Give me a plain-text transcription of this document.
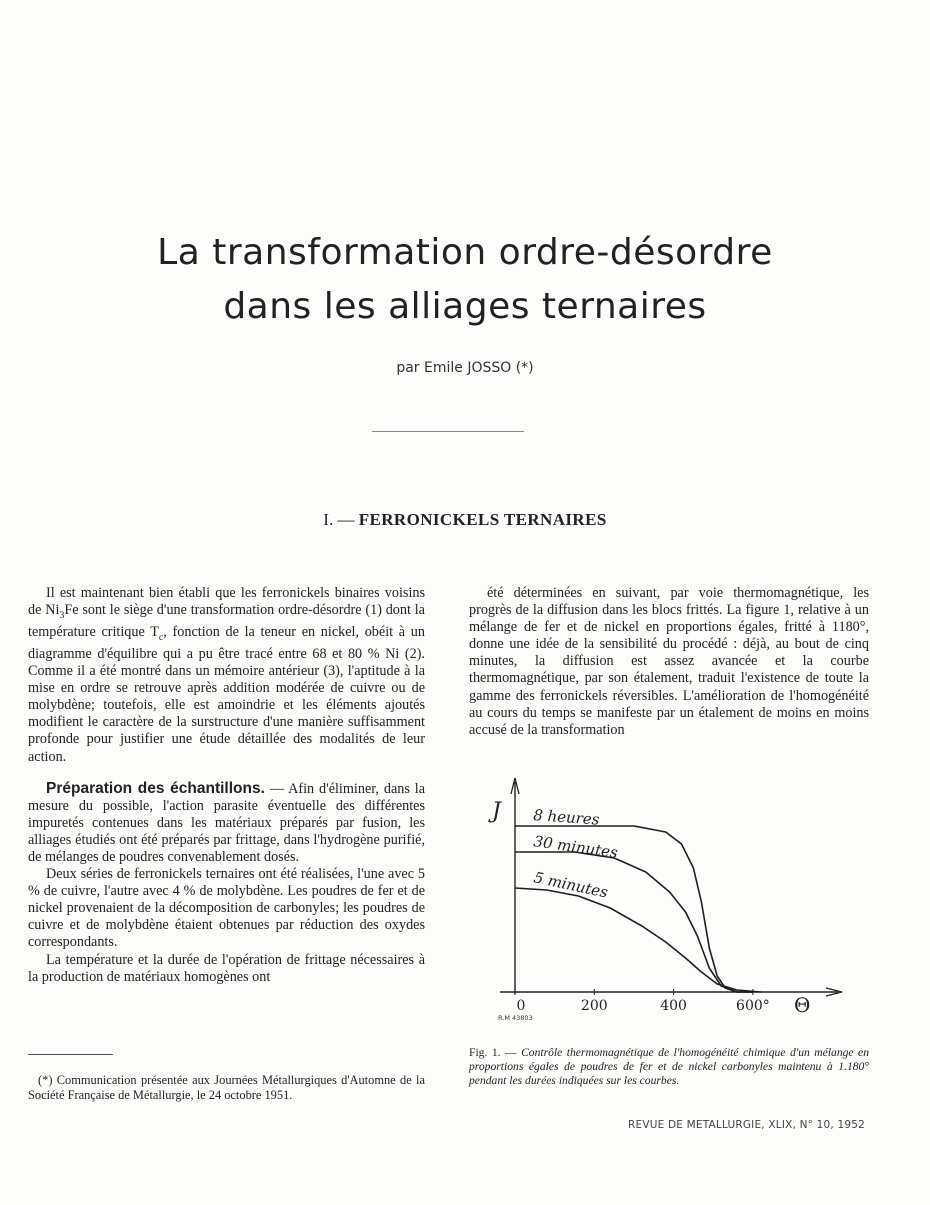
La transformation ordre-désordre
dans les alliages ternaires
par Emile JOSSO (*)
I. — FERRONICKELS TERNAIRES

Il est maintenant bien établi que les ferronickels binaires voisins de $Ni_3Fe$ sont le siège d'une transformation ordre-désordre (1) dont la température critique $T_c$, fonction de la teneur en nickel, obéit à un diagramme d'équilibre qui a pu être tracé entre 68 et 80 % Ni (2). Comme il a été montré dans un mémoire antérieur (3), l'aptitude à la mise en ordre se retrouve après addition modérée de cuivre ou de molybdène; toutefois, elle est amoindrie et les éléments ajoutés modifient le caractère de la surstructure d'une manière suffisamment profonde pour justifier une étude détaillée des modalités de leur action.

Préparation des échantillons. — Afin d'éliminer, dans la mesure du possible, l'action parasite éventuelle des différentes impuretés contenues dans les matériaux préparés par fusion, les alliages étudiés ont été préparés par frittage, dans l'hydrogène purifié, de mélanges de poudres convenablement dosés.

Deux séries de ferronickels ternaires ont été réalisées, l'une avec 5 % de cuivre, l'autre avec 4 % de molybdène. Les poudres de fer et de nickel provenaient de la décomposition de carbonyles; les poudres de cuivre et de molybdène étaient obtenues par réduction des oxydes correspondants.

La température et la durée de l'opération de frittage nécessaires à la production de matériaux homogènes ont

(*) Communication présentée aux Journées Métallurgiques d'Automne de la Société Française de Métallurgie, le 24 octobre 1951.

été déterminées en suivant, par voie thermomagnétique, les progrès de la diffusion dans les blocs frittés. La figure 1, relative à un mélange de fer et de nickel en proportions égales, fritté à 1180°, donne une idée de la sensibilité du procédé : déjà, au bout de cinq minutes, la diffusion est assez avancée et la courbe thermomagnétique, par son étalement, traduit l'existence de toute la gamme des ferronickels réversibles. L'amélioration de l'homogénéité au cours du temps se manifeste par un étalement de moins en moins accusé de la transformation

J
Θ
0	200	400	600°
8 heures
30 minutes
5 minutes
R.M 43803
Fig. 1. — Contrôle thermomagnétique de l'homogénéité chimique d'un mélange en proportions égales de poudres de fer et de nickel carbonyles maintenu à 1.180° pendant les durées indiquées sur les courbes.
REVUE DE METALLURGIE, XLIX, N° 10, 1952
